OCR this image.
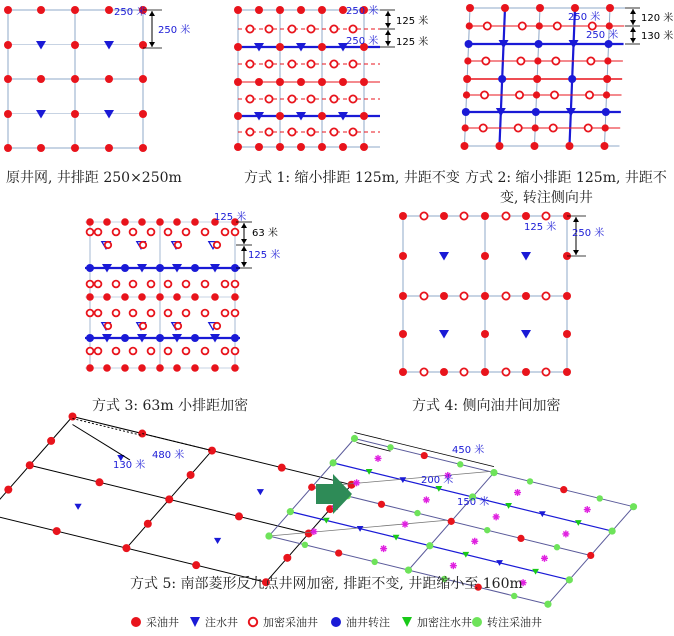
250 米
250 米
250 米
125 米
250 米 125 米
250 米	120 米
250 米 130 米
125 米
63 米
125 米
125 米
250 米
130 米
480 米	450 米
200 米
150 米
原井网, 井排距 250×250m	方式 1: 缩小排距 125m, 井距不变 方式 2: 缩小排距 125m, 井距不
变, 转注侧向井
方式 3: 63m 小排距加密	方式 4: 侧向油井间加密
方式 5: 南部菱形反九点井网加密, 排距不变, 井距缩小至 160m
采油井 注水井 加密采油井	油井转注 加密注水井 转注采油井
